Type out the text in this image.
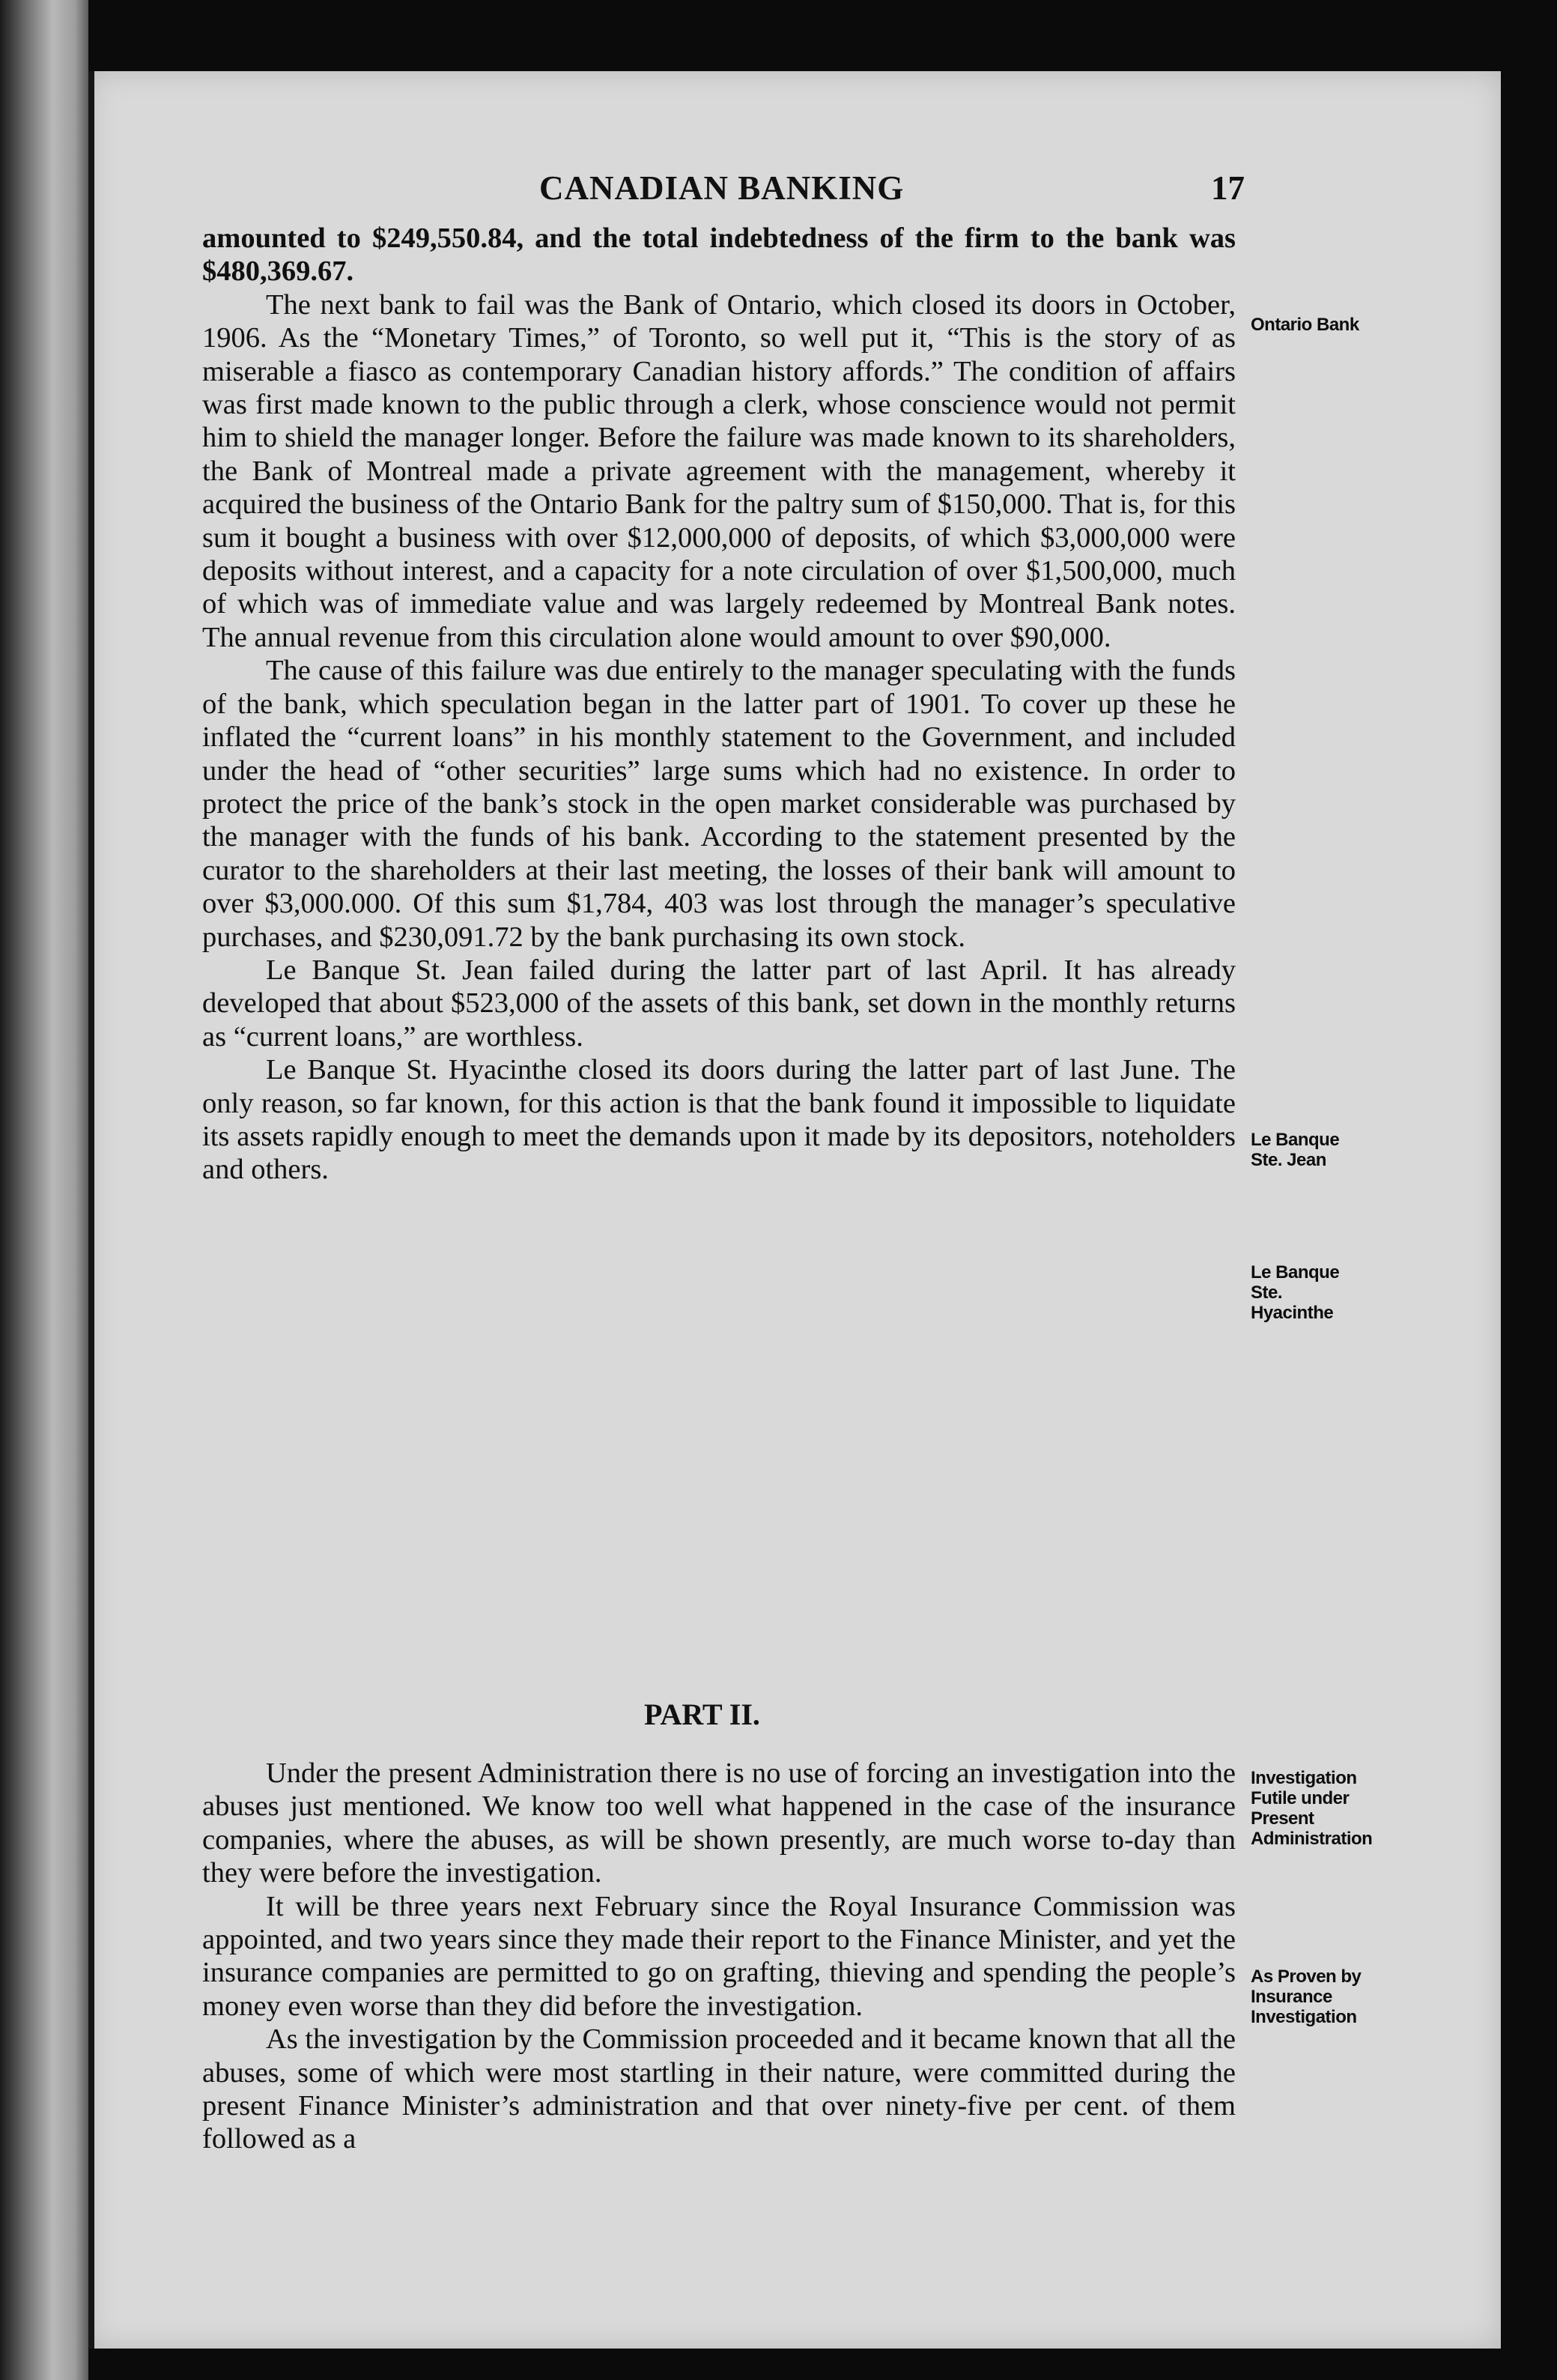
CANADIAN BANKING	17

amounted to $249,550.84, and the total indebtedness of the firm to the bank was $480,369.67.

The next bank to fail was the Bank of Ontario, which closed its doors in October, 1906. As the “Monetary Times,” of Toronto, so well put it, “This is the story of as miserable a fiasco as contemporary Canadian history affords.” The condition of affairs was first made known to the public through a clerk, whose conscience would not permit him to shield the manager longer. Before the failure was made known to its shareholders, the Bank of Montreal made a private agreement with the management, whereby it acquired the business of the Ontario Bank for the paltry sum of $150,000. That is, for this sum it bought a business with over $12,000,000 of deposits, of which $3,000,000 were deposits without interest, and a capacity for a note circulation of over $1,500,000, much of which was of immediate value and was largely redeemed by Montreal Bank notes. The annual revenue from this circulation alone would amount to over $90,000.

The cause of this failure was due entirely to the manager speculating with the funds of the bank, which speculation began in the latter part of 1901. To cover up these he inflated the “current loans” in his monthly statement to the Government, and included under the head of “other securities” large sums which had no existence. In order to protect the price of the bank’s stock in the open market considerable was purchased by the manager with the funds of his bank. According to the statement presented by the curator to the shareholders at their last meeting, the losses of their bank will amount to over $3,000.000. Of this sum $1,784, 403 was lost through the manager’s speculative purchases, and $230,091.72 by the bank purchasing its own stock.

Le Banque St. Jean failed during the latter part of last April. It has already developed that about $523,000 of the assets of this bank, set down in the monthly returns as “current loans,” are worthless.

Le Banque St. Hyacinthe closed its doors during the latter part of last June. The only reason, so far known, for this action is that the bank found it impossible to liquidate its assets rapidly enough to meet the demands upon it made by its depositors, noteholders and others.

PART II.

Under the present Administration there is no use of forcing an investigation into the abuses just mentioned. We know too well what happened in the case of the insurance companies, where the abuses, as will be shown presently, are much worse to-day than they were before the investigation.

It will be three years next February since the Royal Insurance Commission was appointed, and two years since they made their report to the Finance Minister, and yet the insurance companies are permitted to go on grafting, thieving and spending the people’s money even worse than they did before the investigation.

As the investigation by the Commission proceeded and it became known that all the abuses, some of which were most startling in their nature, were committed during the present Finance Minister’s administration and that over ninety-five per cent. of them followed as a

Ontario Bank
Le Banque Ste. Jean
Le Banque Ste. Hyacinthe
Investigation Futile under Present Administration
As Proven by Insurance Investigation
